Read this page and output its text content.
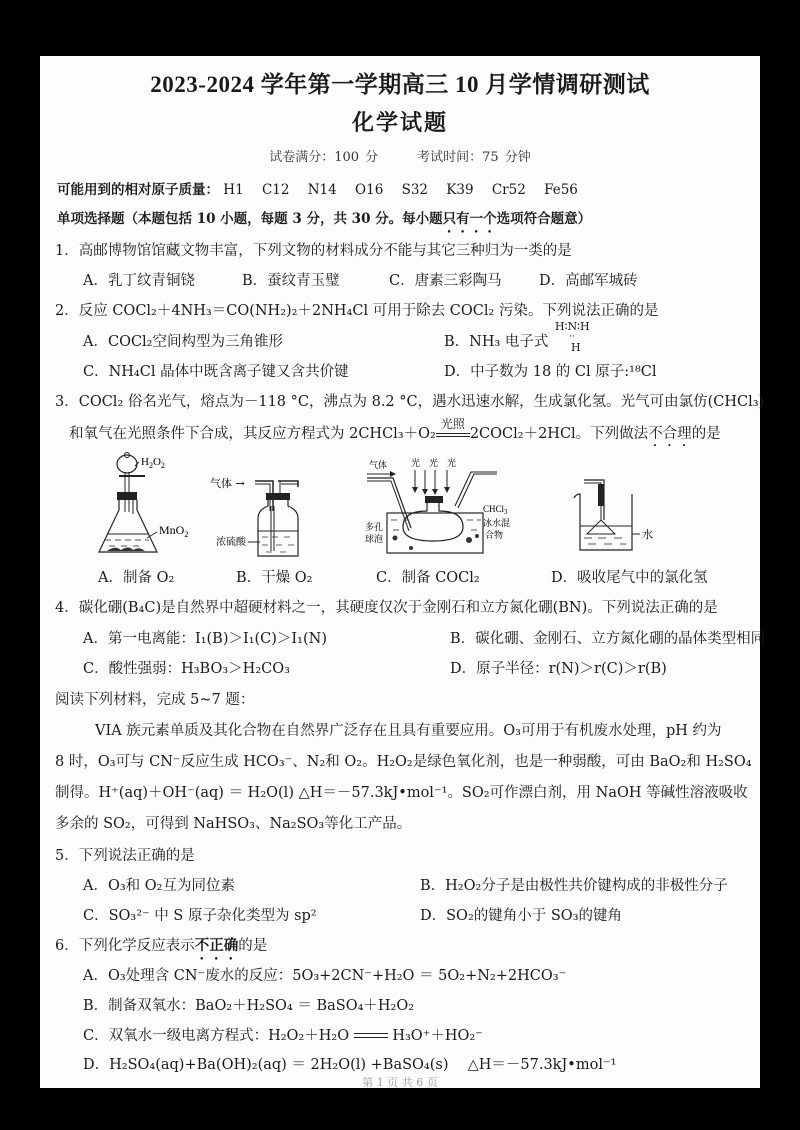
2023-2024 学年第一学期高三 10 月学情调研测试
化学试题
试卷满分：100 分　　　考试时间：75 分钟
可能用到的相对原子质量： H1 C12 N14 O16 S32 K39 Cr52 Fe56
单项选择题（本题包括 10 小题，每题 3 分，共 30 分。每小题只有一个选项符合题意）
1．高邮博物馆馆藏文物丰富，下列文物的材料成分不能与其它三种归为一类的是
A．乳丁纹青铜铙	B．蚕纹青玉璧	C．唐素三彩陶马	D．高邮军城砖
2．反应 COCl₂＋4NH₃＝CO(NH₂)₂＋2NH₄Cl 可用于除去 COCl₂ 污染。下列说法正确的是
A．COCl₂空间构型为三角锥形	B．NH₃ 电子式
H∶N∶H
··
H
C．NH₄Cl 晶体中既含离子键又含共价键	D．中子数为 18 的 Cl 原子:¹⁸Cl
3．COCl₂ 俗名光气，熔点为－118 °C，沸点为 8.2 °C，遇水迅速水解，生成氯化氢。光气可由氯仿(CHCl₃)
和氧气在光照条件下合成，其反应方程式为 2CHCl₃＋O₂
光照
2COCl₂＋2HCl。下列做法不合理的是
$H_2O_2$
MnO$_2$
A．制备 O₂
气体 →
浓硫酸
B．干燥 O₂
气体	光 光 光
CHCl$_3$
冰水混
合物
多孔
球泡
C．制备 COCl₂
水
D．吸收尾气中的氯化氢
4．碳化硼(B₄C)是自然界中超硬材料之一，其硬度仅次于金刚石和立方氮化硼(BN)。下列说法正确的是
A．第一电离能：I₁(B)＞I₁(C)＞I₁(N)	B．碳化硼、金刚石、立方氮化硼的晶体类型相同
C．酸性强弱：H₃BO₃＞H₂CO₃	D．原子半径：r(N)＞r(C)＞r(B)
阅读下列材料，完成 5~7 题：
VIA 族元素单质及其化合物在自然界广泛存在且具有重要应用。O₃可用于有机废水处理，pH 约为
8 时，O₃可与 CN⁻反应生成 HCO₃⁻、N₂和 O₂。H₂O₂是绿色氧化剂，也是一种弱酸，可由 BaO₂和 H₂SO₄
制得。H⁺(aq)＋OH⁻(aq) ＝ H₂O(l) △H＝－57.3kJ•mol⁻¹。SO₂可作漂白剂，用 NaOH 等碱性溶液吸收
多余的 SO₂，可得到 NaHSO₃、Na₂SO₃等化工产品。
5．下列说法正确的是
A．O₃和 O₂互为同位素	B．H₂O₂分子是由极性共价键构成的非极性分子
C．SO₃²⁻ 中 S 原子杂化类型为 sp²	D．SO₂的键角小于 SO₃的键角
6．下列化学反应表示不正确的是
A．O₃处理含 CN⁻废水的反应：5O₃+2CN⁻+H₂O ＝ 5O₂+N₂+2HCO₃⁻
B．制备双氧水：BaO₂＋H₂SO₄ ＝ BaSO₄＋H₂O₂
C．双氧水一级电离方程式：H₂O₂＋H₂O	H₃O⁺＋HO₂⁻
D．H₂SO₄(aq)+Ba(OH)₂(aq) ＝ 2H₂O(l) +BaSO₄(s)　 △H＝－57.3kJ•mol⁻¹
第 1 页 共 6 页
